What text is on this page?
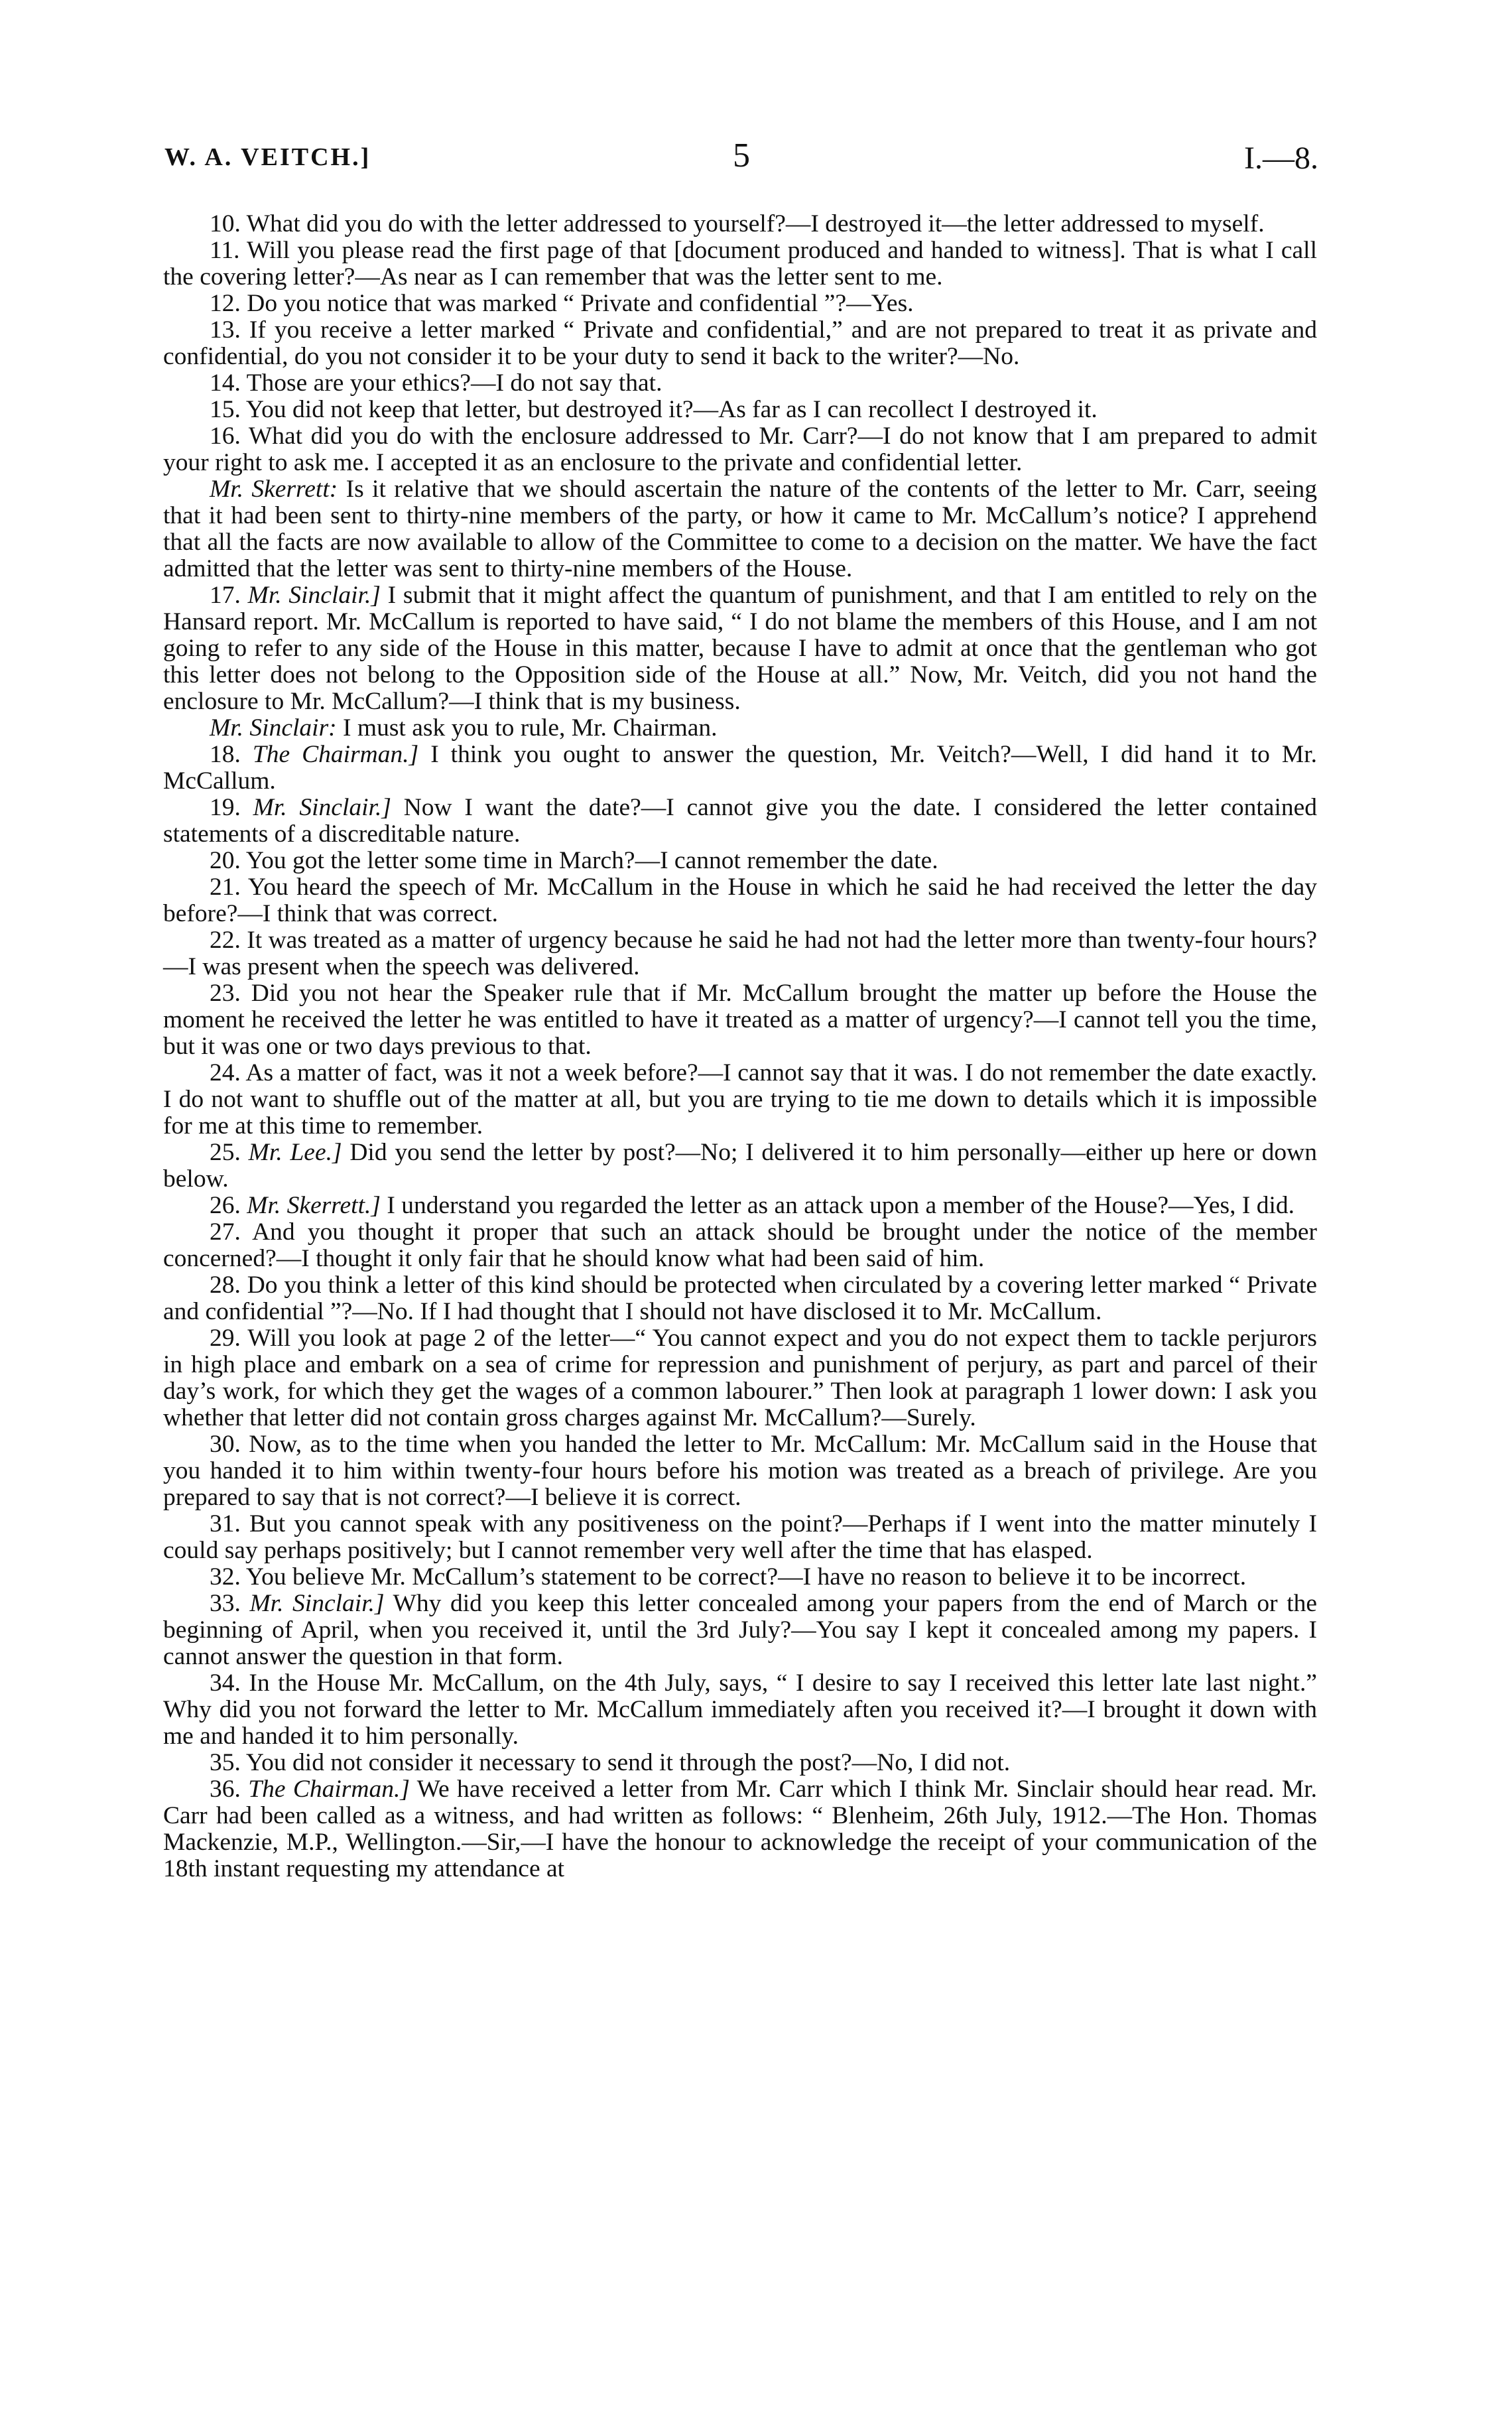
W. A. VEITCH.]	5	I.—8.

10. What did you do with the letter addressed to yourself?—I destroyed it—the letter addressed to myself.

11. Will you please read the first page of that [document produced and handed to witness]. That is what I call the covering letter?—As near as I can remember that was the letter sent to me.

12. Do you notice that was marked “ Private and confidential ”?—Yes.

13. If you receive a letter marked “ Private and confidential,” and are not prepared to treat it as private and confidential, do you not consider it to be your duty to send it back to the writer?—No.

14. Those are your ethics?—I do not say that.

15. You did not keep that letter, but destroyed it?—As far as I can recollect I destroyed it.

16. What did you do with the enclosure addressed to Mr. Carr?—I do not know that I am prepared to admit your right to ask me. I accepted it as an enclosure to the private and confidential letter.

Mr. Skerrett: Is it relative that we should ascertain the nature of the contents of the letter to Mr. Carr, seeing that it had been sent to thirty-nine members of the party, or how it came to Mr. McCallum’s notice? I apprehend that all the facts are now available to allow of the Committee to come to a decision on the matter. We have the fact admitted that the letter was sent to thirty-nine members of the House.

17. Mr. Sinclair.] I submit that it might affect the quantum of punishment, and that I am entitled to rely on the Hansard report. Mr. McCallum is reported to have said, “ I do not blame the members of this House, and I am not going to refer to any side of the House in this matter, because I have to admit at once that the gentleman who got this letter does not belong to the Opposition side of the House at all.” Now, Mr. Veitch, did you not hand the enclosure to Mr. McCallum?—I think that is my business.

Mr. Sinclair: I must ask you to rule, Mr. Chairman.

18. The Chairman.] I think you ought to answer the question, Mr. Veitch?—Well, I did hand it to Mr. McCallum.

19. Mr. Sinclair.] Now I want the date?—I cannot give you the date. I considered the letter contained statements of a discreditable nature.

20. You got the letter some time in March?—I cannot remember the date.

21. You heard the speech of Mr. McCallum in the House in which he said he had received the letter the day before?—I think that was correct.

22. It was treated as a matter of urgency because he said he had not had the letter more than twenty-four hours?—I was present when the speech was delivered.

23. Did you not hear the Speaker rule that if Mr. McCallum brought the matter up before the House the moment he received the letter he was entitled to have it treated as a matter of urgency?—I cannot tell you the time, but it was one or two days previous to that.

24. As a matter of fact, was it not a week before?—I cannot say that it was. I do not remember the date exactly. I do not want to shuffle out of the matter at all, but you are trying to tie me down to details which it is impossible for me at this time to remember.

25. Mr. Lee.] Did you send the letter by post?—No; I delivered it to him personally—either up here or down below.

26. Mr. Skerrett.] I understand you regarded the letter as an attack upon a member of the House?—Yes, I did.

27. And you thought it proper that such an attack should be brought under the notice of the member concerned?—I thought it only fair that he should know what had been said of him.

28. Do you think a letter of this kind should be protected when circulated by a covering letter marked “ Private and confidential ”?—No. If I had thought that I should not have disclosed it to Mr. McCallum.

29. Will you look at page 2 of the letter—“ You cannot expect and you do not expect them to tackle perjurors in high place and embark on a sea of crime for repression and punishment of perjury, as part and parcel of their day’s work, for which they get the wages of a common labourer.” Then look at paragraph 1 lower down: I ask you whether that letter did not contain gross charges against Mr. McCallum?—Surely.

30. Now, as to the time when you handed the letter to Mr. McCallum: Mr. McCallum said in the House that you handed it to him within twenty-four hours before his motion was treated as a breach of privilege. Are you prepared to say that is not correct?—I believe it is correct.

31. But you cannot speak with any positiveness on the point?—Perhaps if I went into the matter minutely I could say perhaps positively; but I cannot remember very well after the time that has elasped.

32. You believe Mr. McCallum’s statement to be correct?—I have no reason to believe it to be incorrect.

33. Mr. Sinclair.] Why did you keep this letter concealed among your papers from the end of March or the beginning of April, when you received it, until the 3rd July?—You say I kept it concealed among my papers. I cannot answer the question in that form.

34. In the House Mr. McCallum, on the 4th July, says, “ I desire to say I received this letter late last night.” Why did you not forward the letter to Mr. McCallum immediately aften you received it?—I brought it down with me and handed it to him personally.

35. You did not consider it necessary to send it through the post?—No, I did not.

36. The Chairman.] We have received a letter from Mr. Carr which I think Mr. Sinclair should hear read. Mr. Carr had been called as a witness, and had written as follows: “ Blenheim, 26th July, 1912.—The Hon. Thomas Mackenzie, M.P., Wellington.—Sir,—I have the honour to acknowledge the receipt of your communication of the 18th instant requesting my attendance at
